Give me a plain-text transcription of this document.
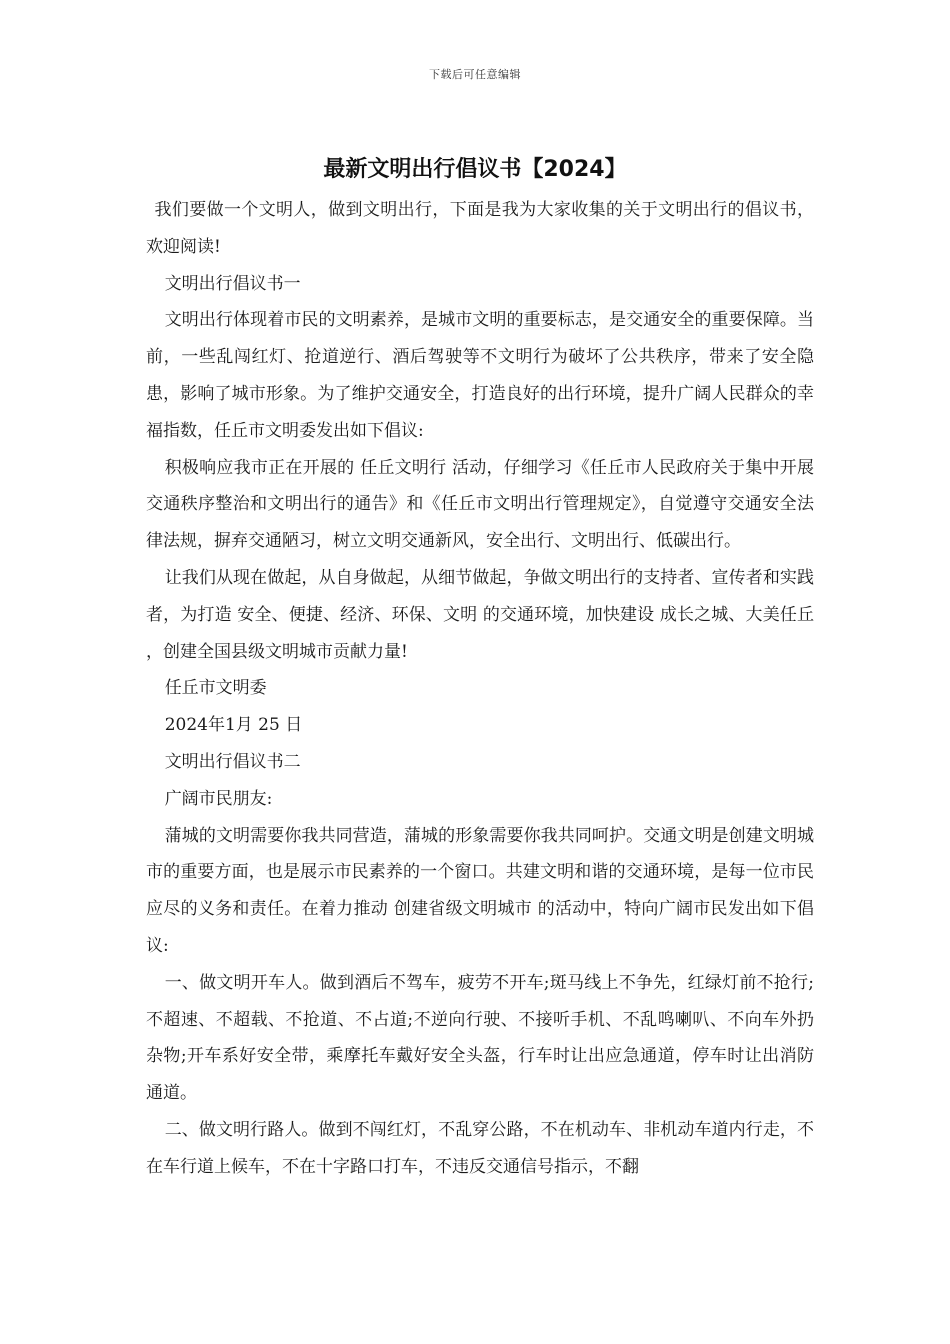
下载后可任意编辑
最新文明出行倡议书【2024】

我们要做一个文明人，做到文明出行，下面是我为大家收集的关于文明出行的倡议书，欢迎阅读!

文明出行倡议书一

文明出行体现着市民的文明素养，是城市文明的重要标志，是交通安全的重要保障。当前，一些乱闯红灯、抢道逆行、酒后驾驶等不文明行为破坏了公共秩序，带来了安全隐患，影响了城市形象。为了维护交通安全，打造良好的出行环境，提升广阔人民群众的幸福指数，任丘市文明委发出如下倡议:

积极响应我市正在开展的 任丘文明行 活动，仔细学习《任丘市人民政府关于集中开展交通秩序整治和文明出行的通告》和《任丘市文明出行管理规定》，自觉遵守交通安全法律法规，摒弃交通陋习，树立文明交通新风，安全出行、文明出行、低碳出行。

让我们从现在做起，从自身做起，从细节做起，争做文明出行的支持者、宣传者和实践者，为打造 安全、便捷、经济、环保、文明 的交通环境，加快建设 成长之城、大美任丘 ，创建全国县级文明城市贡献力量!

任丘市文明委

2024年1月 25 日

文明出行倡议书二

广阔市民朋友:

蒲城的文明需要你我共同营造，蒲城的形象需要你我共同呵护。交通文明是创建文明城市的重要方面，也是展示市民素养的一个窗口。共建文明和谐的交通环境，是每一位市民应尽的义务和责任。在着力推动 创建省级文明城市 的活动中，特向广阔市民发出如下倡议:

一、做文明开车人。做到酒后不驾车，疲劳不开车;斑马线上不争先，红绿灯前不抢行;不超速、不超载、不抢道、不占道;不逆向行驶、不接听手机、不乱鸣喇叭、不向车外扔杂物;开车系好安全带，乘摩托车戴好安全头盔，行车时让出应急通道，停车时让出消防通道。

二、做文明行路人。做到不闯红灯，不乱穿公路，不在机动车、非机动车道内行走，不在车行道上候车，不在十字路口打车，不违反交通信号指示，不翻
